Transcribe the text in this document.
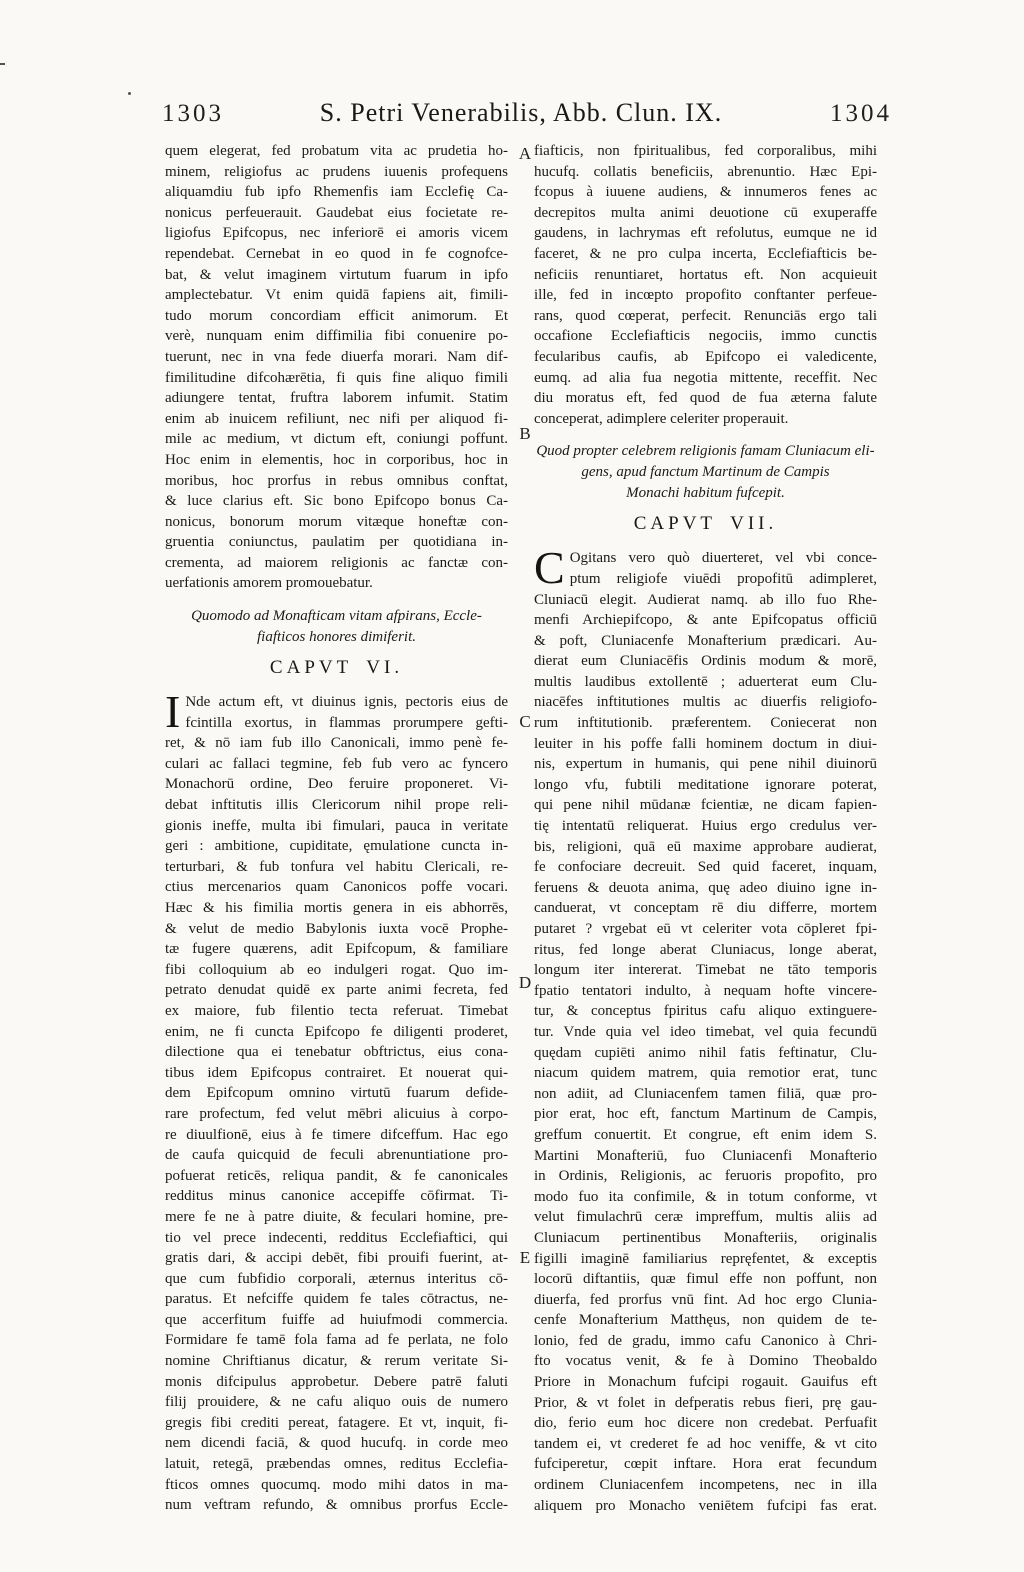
1303	S. Petri Venerabilis, Abb. Clun. IX.	1304
quem elegerat, fed probatum vita ac prudetia ho-
minem, religiofus ac prudens iuuenis profequens
aliquamdiu fub ipfo Rhemenfis iam Ecclefię Ca-
nonicus perfeuerauit. Gaudebat eius focietate re-
ligiofus Epifcopus, nec inferiorē ei amoris vicem
rependebat. Cernebat in eo quod in fe cognofce-
bat, & velut imaginem virtutum fuarum in ipfo
amplectebatur. Vt enim quidā fapiens ait, fimili-
tudo morum concordiam efficit animorum. Et
verè, nunquam enim diffimilia fibi conuenire po-
tuerunt, nec in vna fede diuerfa morari. Nam dif-
fimilitudine difcohærētia, fi quis fine aliquo fimili
adiungere tentat, fruftra laborem infumit. Statim
enim ab inuicem refiliunt, nec nifi per aliquod fi-
mile ac medium, vt dictum eft, coniungi poffunt.
Hoc enim in elementis, hoc in corporibus, hoc in
moribus, hoc prorfus in rebus omnibus conftat,
& luce clarius eft. Sic bono Epifcopo bonus Ca-
nonicus, bonorum morum vitæque honeftæ con-
gruentia coniunctus, paulatim per quotidiana in-
crementa, ad maiorem religionis ac fanctæ con-
uerfationis amorem promouebatur.
Quomodo ad Monafticam vitam afpirans, Eccle-
fiafticos honores dimiferit.
CAPVT VI.
I Nde actum eft, vt diuinus ignis, pectoris eius de
fcintilla exortus, in flammas prorumpere gefti-
ret, & nō iam fub illo Canonicali, immo penè fe-
culari ac fallaci tegmine, feb fub vero ac fyncero
Monachorū ordine, Deo feruire proponeret. Vi-
debat inftitutis illis Clericorum nihil prope reli-
gionis ineffe, multa ibi fimulari, pauca in veritate
geri : ambitione, cupiditate, ęmulatione cuncta in-
terturbari, & fub tonfura vel habitu Clericali, re-
ctius mercenarios quam Canonicos poffe vocari.
Hæc & his fimilia mortis genera in eis abhorrēs,
& velut de medio Babylonis iuxta vocē Prophe-
tæ fugere quærens, adit Epifcopum, & familiare
fibi colloquium ab eo indulgeri rogat. Quo im-
petrato denudat quidē ex parte animi fecreta, fed
ex maiore, fub filentio tecta referuat. Timebat
enim, ne fi cuncta Epifcopo fe diligenti proderet,
dilectione qua ei tenebatur obftrictus, eius cona-
tibus idem Epifcopus contrairet. Et nouerat qui-
dem Epifcopum omnino virtutū fuarum defide-
rare profectum, fed velut mēbri alicuius à corpo-
re diuulfionē, eius à fe timere difceffum. Hac ego
de caufa quicquid de feculi abrenuntiatione pro-
pofuerat reticēs, reliqua pandit, & fe canonicales
redditus minus canonice accepiffe cōfirmat. Ti-
mere fe ne à patre diuite, & feculari homine, pre-
tio vel prece indecenti, redditus Ecclefiaftici, qui
gratis dari, & accipi debēt, fibi prouifi fuerint, at-
que cum fubfidio corporali, æternus interitus cō-
paratus. Et nefciffe quidem fe tales cōtractus, ne-
que accerfitum fuiffe ad huiufmodi commercia.
Formidare fe tamē fola fama ad fe perlata, ne folo
nomine Chriftianus dicatur, & rerum veritate Si-
monis difcipulus approbetur. Debere patrē faluti
filij prouidere, & ne cafu aliquo ouis de numero
gregis fibi crediti pereat, fatagere. Et vt, inquit, fi-
nem dicendi faciā, & quod hucufq. in corde meo
latuit, retegā, præbendas omnes, reditus Ecclefia-
fticos omnes quocumq. modo mihi datos in ma-
num veftram refundo, & omnibus prorfus Eccle-
fiafticis, non fpiritualibus, fed corporalibus, mihi
hucufq. collatis beneficiis, abrenuntio. Hæc Epi-
fcopus à iuuene audiens, & innumeros fenes ac
decrepitos multa animi deuotione cū exuperaffe
gaudens, in lachrymas eft refolutus, eumque ne id
faceret, & ne pro culpa incerta, Ecclefiafticis be-
neficiis renuntiaret, hortatus eft. Non acquieuit
ille, fed in incœpto propofito conftanter perfeue-
rans, quod cœperat, perfecit. Renunciās ergo tali
occafione Ecclefiafticis negociis, immo cunctis
fecularibus caufis, ab Epifcopo ei valedicente,
eumq. ad alia fua negotia mittente, receffit. Nec
diu moratus eft, fed quod de fua æterna falute
conceperat, adimplere celeriter properauit.
Quod propter celebrem religionis famam Cluniacum eli-
gens, apud fanctum Martinum de Campis
Monachi habitum fufcepit.
CAPVT VII.
C Ogitans vero quò diuerteret, vel vbi conce-
ptum religiofe viuēdi propofitū adimpleret,
Cluniacū elegit. Audierat namq. ab illo fuo Rhe-
menfi Archiepifcopo, & ante Epifcopatus officiū
& poft, Cluniacenfe Monafterium prædicari. Au-
dierat eum Cluniacēfis Ordinis modum & morē,
multis laudibus extollentē ; aduerterat eum Clu-
niacēfes inftitutiones multis ac diuerfis religiofo-
rum inftitutionib. præferentem. Coniecerat non
leuiter in his poffe falli hominem doctum in diui-
nis, expertum in humanis, qui pene nihil diuinorū
longo vfu, fubtili meditatione ignorare poterat,
qui pene nihil mūdanæ fcientiæ, ne dicam fapien-
tię intentatū reliquerat. Huius ergo credulus ver-
bis, religioni, quā eū maxime approbare audierat,
fe confociare decreuit. Sed quid faceret, inquam,
feruens & deuota anima, quę adeo diuino igne in-
canduerat, vt conceptam rē diu differre, mortem
putaret ? vrgebat eū vt celeriter vota cōpleret fpi-
ritus, fed longe aberat Cluniacus, longe aberat,
longum iter intererat. Timebat ne tāto temporis
fpatio tentatori indulto, à nequam hofte vincere-
tur, & conceptus fpiritus cafu aliquo extinguere-
tur. Vnde quia vel ideo timebat, vel quia fecundū
quędam cupiēti animo nihil fatis feftinatur, Clu-
niacum quidem matrem, quia remotior erat, tunc
non adiit, ad Cluniacenfem tamen filiā, quæ pro-
pior erat, hoc eft, fanctum Martinum de Campis,
greffum conuertit. Et congrue, eft enim idem S.
Martini Monafteriū, fuo Cluniacenfi Monafterio
in Ordinis, Religionis, ac feruoris propofito, pro
modo fuo ita confimile, & in totum conforme, vt
velut fimulachrū ceræ impreffum, multis aliis ad
Cluniacum pertinentibus Monafteriis, originalis
figilli imaginē familiarius repręfentet, & exceptis
locorū diftantiis, quæ fimul effe non poffunt, non
diuerfa, fed prorfus vnū fint. Ad hoc ergo Clunia-
cenfe Monafterium Matthęus, non quidem de te-
lonio, fed de gradu, immo cafu Canonico à Chri-
fto vocatus venit, & fe à Domino Theobaldo
Priore in Monachum fufcipi rogauit. Gauifus eft
Prior, & vt folet in defperatis rebus fieri, prę gau-
dio, ferio eum hoc dicere non credebat. Perfuafit
tandem ei, vt crederet fe ad hoc veniffe, & vt cito
fufciperetur, cœpit inftare. Hora erat fecundum
ordinem Cluniacenfem incompetens, nec in illa
aliquem pro Monacho veniētem fufcipi fas erat.
A
B
C
D
E
